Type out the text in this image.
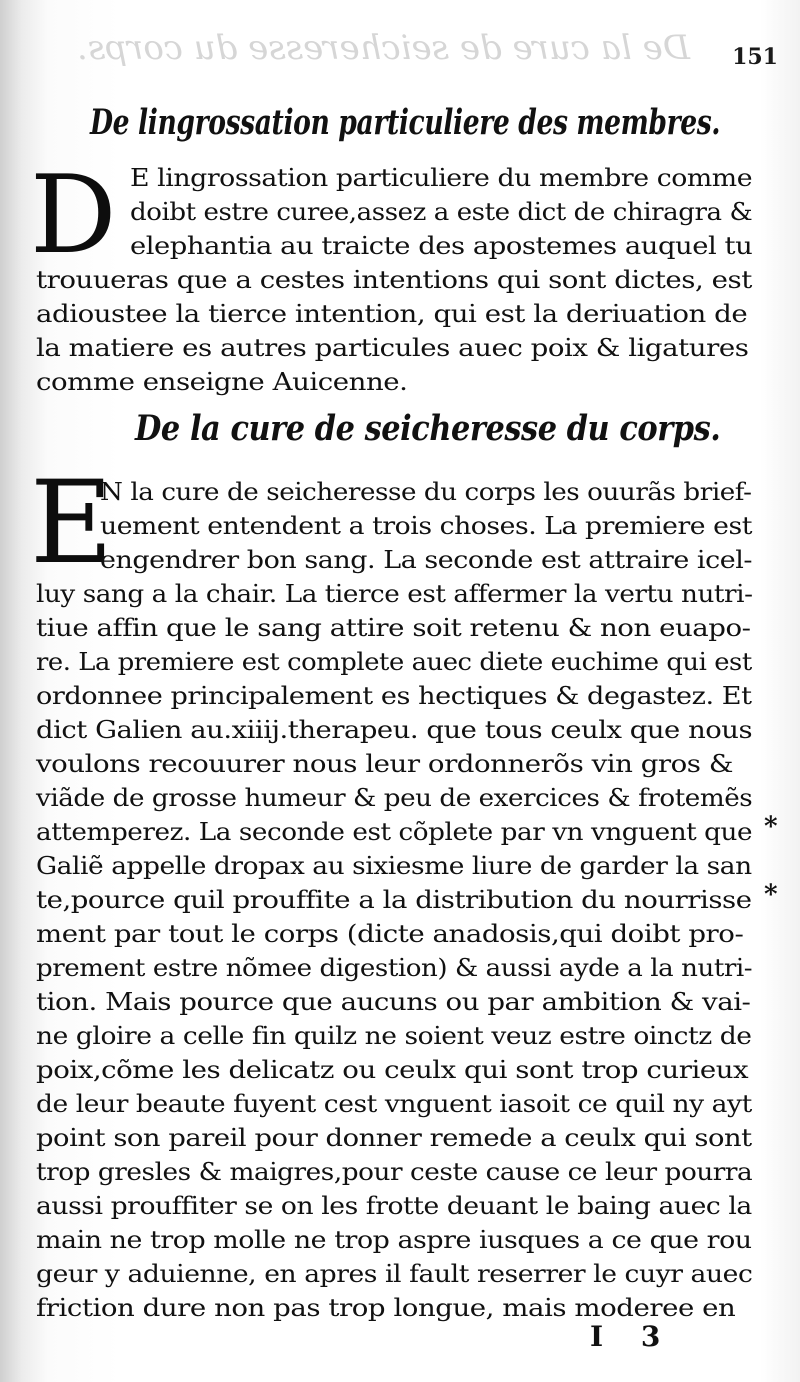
De la cure de seicheresse du corps. 151
De lingrossation particuliere des membres.
D E lingrossation particuliere du membre comme
doibt estre curee,assez a este dict de chiragra &
elephantia au traicte des apostemes auquel tu
trouueras que a cestes intentions qui sont dictes, est
adioustee la tierce intention, qui est la deriuation de
la matiere es autres particules auec poix & ligatures
comme enseigne Auicenne.
De la cure de seicheresse du corps.
E
N la cure de seicheresse du corps les ouurãs brief-
uement entendent a trois choses. La premiere est
engendrer bon sang. La seconde est attraire icel-
luy sang a la chair. La tierce est affermer la vertu nutri-
tiue affin que le sang attire soit retenu & non euapo-
re. La premiere est complete auec diete euchime qui est
ordonnee principalement es hectiques & degastez. Et
dict Galien au.xiiij.therapeu. que tous ceulx que nous
voulons recouurer nous leur ordonnerõs vin gros &
viãde de grosse humeur & peu de exercices & frotemẽs
attemperez. La seconde est cõplete par vn vnguent que
Galiẽ appelle dropax au sixiesme liure de garder la san
te,pource quil prouffite a la distribution du nourrisse
ment par tout le corps (dicte anadosis,qui doibt pro-
prement estre nõmee digestion) & aussi ayde a la nutri-
tion. Mais pource que aucuns ou par ambition & vai-
ne gloire a celle fin quilz ne soient veuz estre oinctz de
poix,cõme les delicatz ou ceulx qui sont trop curieux
de leur beaute fuyent cest vnguent iasoit ce quil ny ayt
point son pareil pour donner remede a ceulx qui sont
trop gresles & maigres,pour ceste cause ce leur pourra
aussi prouffiter se on les frotte deuant le baing auec la
main ne trop molle ne trop aspre iusques a ce que rou
geur y aduienne, en apres il fault reserrer le cuyr auec
friction dure non pas trop longue, mais moderee en
*
*
I 3
